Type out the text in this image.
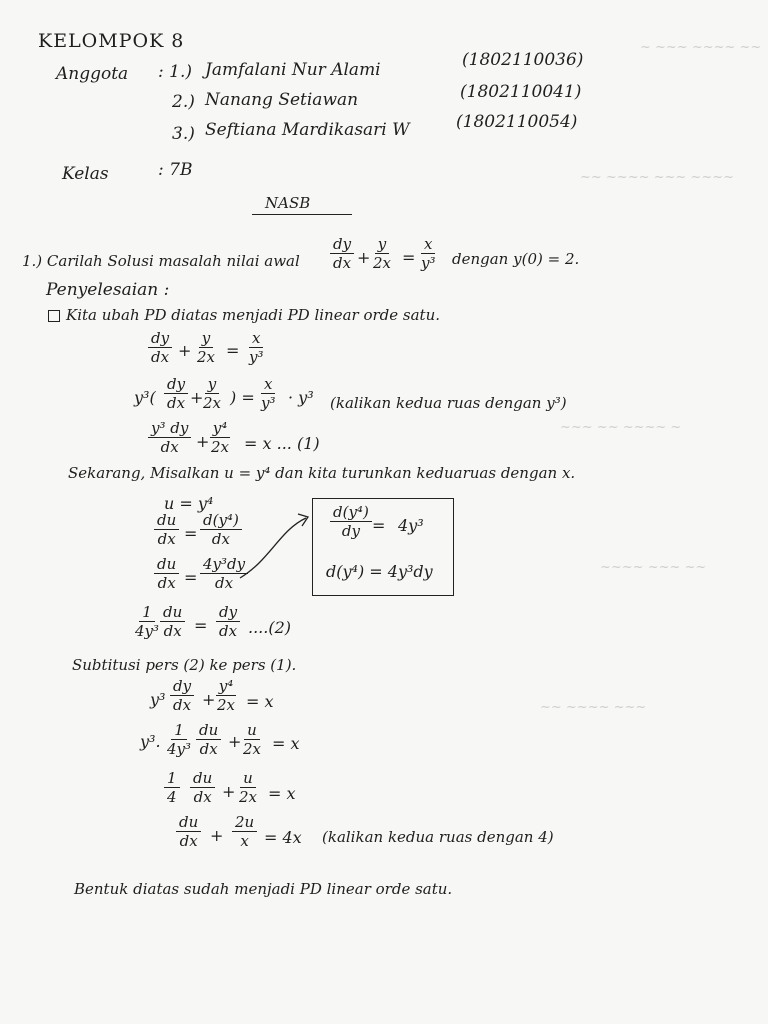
~ ~~~ ~~~~ ~~
~~ ~~~~ ~~~ ~~~~
~~~ ~~ ~~~~ ~
~~~~ ~~~ ~~
~~ ~~~~ ~~~
KELOMPOK 8
Anggota : 1.) Jamfalani Nur Alami	(1802110036)
2.) Nanang Setiawan	(1802110041)
3.) Seftiana Mardikasari W	(1802110054)
Kelas	: 7B
NASB
1.) Carilah Solusi masalah nilai awal $\frac{dy}{dx} + \frac{y}{2x} = \frac{x}{\text{y³}}$ dengan y(0) = 2.
Penyelesaian :
Kita ubah PD diatas menjadi PD linear orde satu.
$\frac{dy}{dx} + \frac{y}{2x} = \frac{x}{\text{y³}}$
$y^3( \frac{dy}{dx}$ +
$\frac{y}{2x}$ ) = $\frac{x}{\text{y³}} \cdot y^3$ (kalikan kedua ruas dengan y³)
$\frac{\text{y³ dy}}{dx}$ +
$\frac{\text{y⁴}}{2x} = x$ ... (1)
Sekarang, Misalkan u = y⁴ dan kita turunkan keduaruas dengan x.
u = y⁴
$\frac{du}{dx} = \frac{\text{d(y⁴)}}{dx}$
$\frac{du}{dx} = \frac{\text{4y³dy}}{dx}$
$\frac{\text{d(y⁴)}}{dy} = 4y^3$
d(y⁴) = 4y³dy
$\frac{1}{\text{4y³}}$
$\frac{du}{dx} = \frac{dy}{dx} ....(2)$
Subtitusi pers (2) ke pers (1).
$y^3 \frac{dy}{dx}$ +
$\frac{\text{y⁴}}{2x} = x$
y³. $\frac{1}{\text{4y³}} \frac{du}{dx}$ +
$\frac{u}{2x} = x$
$\frac{1}{4} \frac{du}{dx} + \frac{u}{2x} = x$
$\frac{du}{dx} + \frac{2u}{x} = 4x$ (kalikan kedua ruas dengan 4)
Bentuk diatas sudah menjadi PD linear orde satu.
